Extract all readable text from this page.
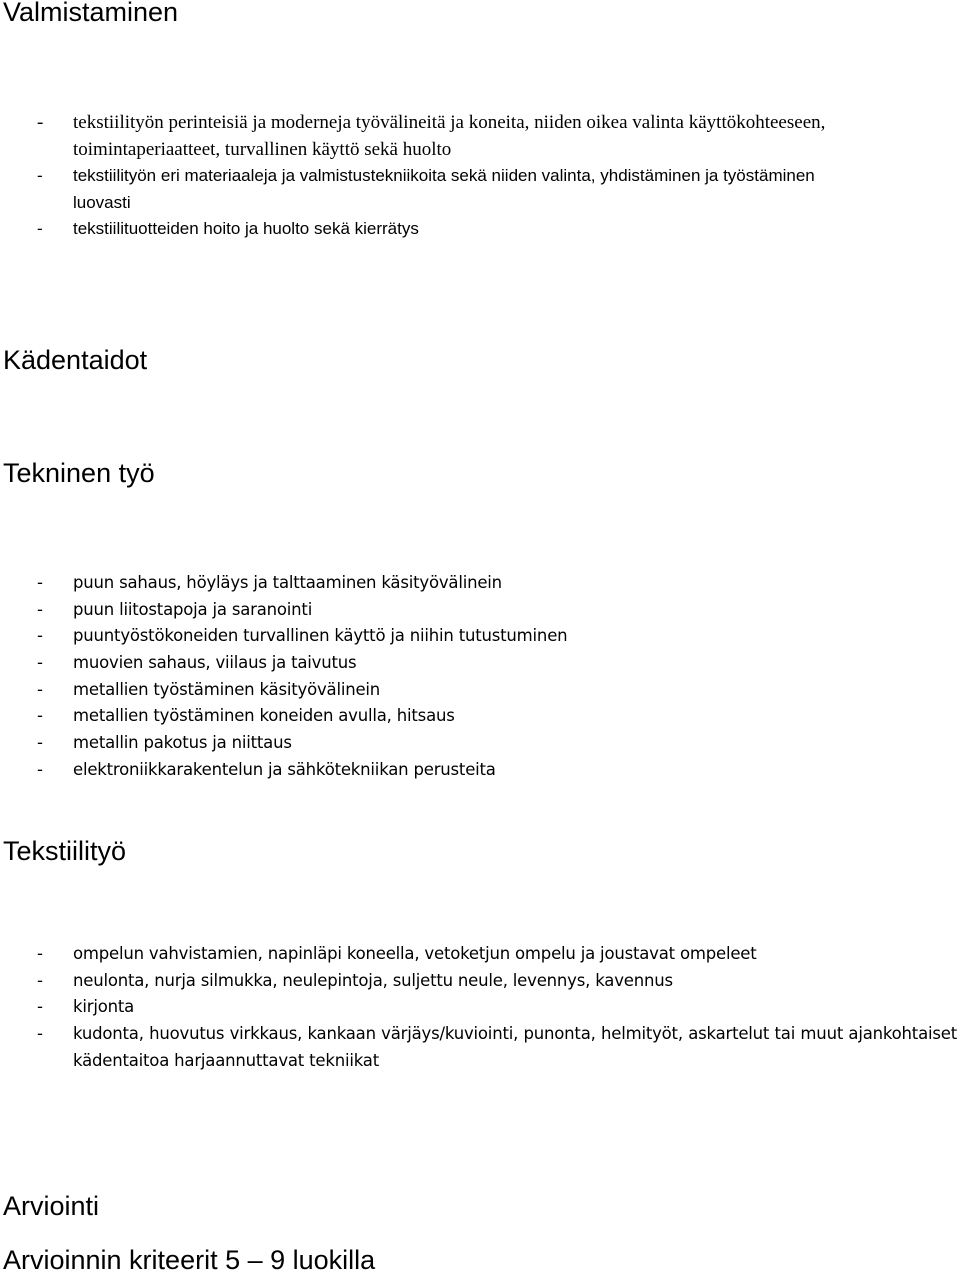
Valmistaminen
- tekstiilityön perinteisiä ja moderneja työvälineitä ja koneita, niiden oikea valinta käyttökohteeseen, toimintaperiaatteet, turvallinen käyttö sekä huolto
- tekstiilityön eri materiaaleja ja valmistustekniikoita sekä niiden valinta, yhdistäminen ja työstäminen luovasti
- tekstiilituotteiden hoito ja huolto sekä kierrätys
Kädentaidot
Tekninen työ
- puun sahaus, höyläys ja talttaaminen käsityövälinein
- puun liitostapoja ja saranointi
- puuntyöstökoneiden turvallinen käyttö ja niihin tutustuminen
- muovien sahaus, viilaus ja taivutus
- metallien työstäminen käsityövälinein
- metallien työstäminen koneiden avulla, hitsaus
- metallin pakotus ja niittaus
- elektroniikkarakentelun ja sähkötekniikan perusteita
Tekstiilityö
- ompelun vahvistamien, napinläpi koneella, vetoketjun ompelu ja joustavat ompeleet
- neulonta, nurja silmukka, neulepintoja, suljettu neule, levennys, kavennus
- kirjonta
- kudonta, huovutus virkkaus, kankaan värjäys/kuviointi, punonta, helmityöt, askartelut tai muut ajankohtaiset kädentaitoa harjaannuttavat tekniikat
Arviointi
Arvioinnin kriteerit 5 – 9 luokilla
